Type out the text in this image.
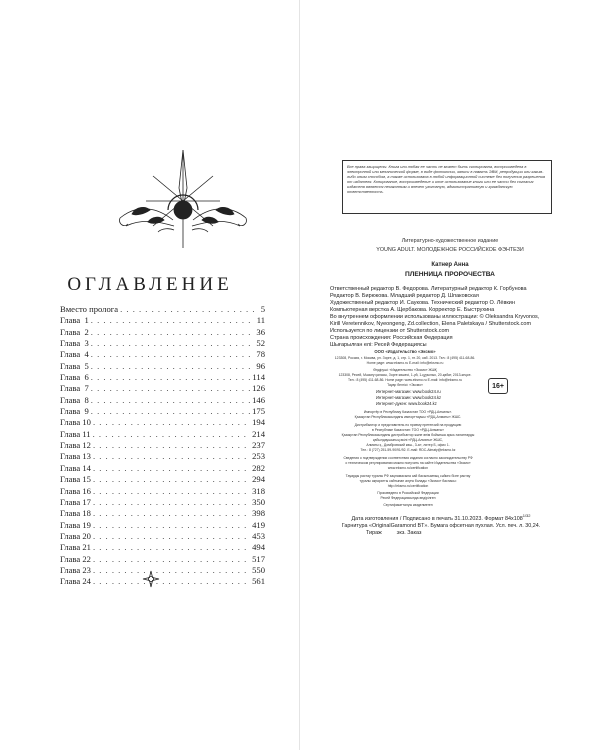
ОГЛАВЛЕНИЕ
Вместо пролога . . .	5
Глава  1 . . .	11
Глава  2 . . .	36
Глава  3 . . .	52
Глава  4 . . .	78
Глава  5 . . .	96
Глава  6 . . .	114
Глава  7 . . .	126
Глава  8 . . .	146
Глава  9 . . .	175
Глава 10 . . .	194
Глава 11 . . .	214
Глава 12 . . .	237
Глава 13 . . .	253
Глава 14 . . .	282
Глава 15 . . .	294
Глава 16 . . .	318
Глава 17 . . .	350
Глава 18 . . .	398
Глава 19 . . .	419
Глава 20 . . .	453
Глава 21 . . .	494
Глава 22 . . .	517
Глава 23 . . .	550
Глава 24 . . .	561
Все права защищены. Книга или любая ее часть не может быть скопирована, воспроизведена в электронной или механической форме, в виде фотокопии, записи в память ЭВМ, репродукции или каким-либо иным способом, а также использована в любой информационной системе без получения разрешения от издателя. Копирование, воспроизведение и иное использование книги или ее части без согласия издателя является незаконным и влечет уголовную, административную и гражданскую ответственность.
Литературно-художественное издание
YOUNG ADULT. МОЛОДЕЖНОЕ РОССИЙСКОЕ ФЭНТЕЗИ
Катнер Анна
ПЛЕННИЦА ПРОРОЧЕСТВА
Ответственный редактор В. Федорова. Литературный редактор К. Горбунова
Редактор В. Бирюкова. Младший редактор Д. Шпаковская
Художественный редактор И. Саукова. Технический редактор О. Лёвкин
Компьютерная верстка А. Щербакова. Корректор Е. Быструхина
Во внутреннем оформлении использованы иллюстрации: © Oleksandra Kryvonos,
Kirill Veretennikov, Nyeongeng, Zd.collection, Elena Paletskaya / Shutterstock.com
Используется по лицензии от Shutterstock.com
Страна происхождения: Российская Федерация
Шығарылған елі: Ресей Федерациясы
ООО «Издательство «Эксмо»
123308, Россия, г. Москва, ул. Зорге, д. 1, стр. 1, эт. 20, каб. 2013. Тел.: 8 (495) 411-68-86.
Home page: www.eksmo.ru E-mail: info@eksmo.ru
Өндіруші: «Издательство «Эксмо» ЖШҚ
123308, Ресей, Мәскеу қаласы, Зорге көшесі, 1-үй, 1-құрылыс, 20-қабат, 2013-кеңсе.
Тел.: 8 (495) 411-68-86. Home page: www.eksmo.ru E-mail: info@eksmo.ru
Тауар белгісі: «Эксмо»
Интернет-магазин: www.book24.ru
Интернет-магазин: www.book24.kz
Интернет-дүкен: www.book24.kz
16+
Импортёр в Республику Казахстан ТОО «РДЦ-Алматы».
Қазақстан Республикасындағы импорттаушы «РДЦ-Алматы» ЖШС.
Дистрибьютор и представитель по приему претензий на продукцию
в Республике Казахстан: ТОО «РДЦ-Алматы»
Қазақстан Республикасындағы дистрибьютор және өнім бойынша арыз-талаптарды
қабылдаушының өкілі «РДЦ-Алматы» ЖШС,
Алматы қ., Домбровский көш., 3-а», литер Б, офис 1.
Тел.: 8 (727) 251-59-90/91/92. E-mail: RDC-Almaty@eksmo.kz
Сведения о подтверждении соответствия издания согласно законодательству РФ
о техническом регулировании можно получить на сайте Издательства «Эксмо»
www.eksmo.ru/certification
Тауарды растау туралы РФ заңнамасына сай басылымның сәйкес бізге растау
туралы ақпаратты сайтынан алуға болады «Эксмо» баспасы:
http://eksmo.ru/certification
Произведено в Российской Федерации
Ресей Федерациясында өндірілген
Сертификатталуы көзделмеген
Дата изготовления / Подписано в печать 31.10.2023. Формат $84x108^{1/32}$
Гарнитура «OriginalGaramond BT». Бумага офсетная пухлая. Усл. печ. л. 30,24.
Тираж          экз. Заказ
